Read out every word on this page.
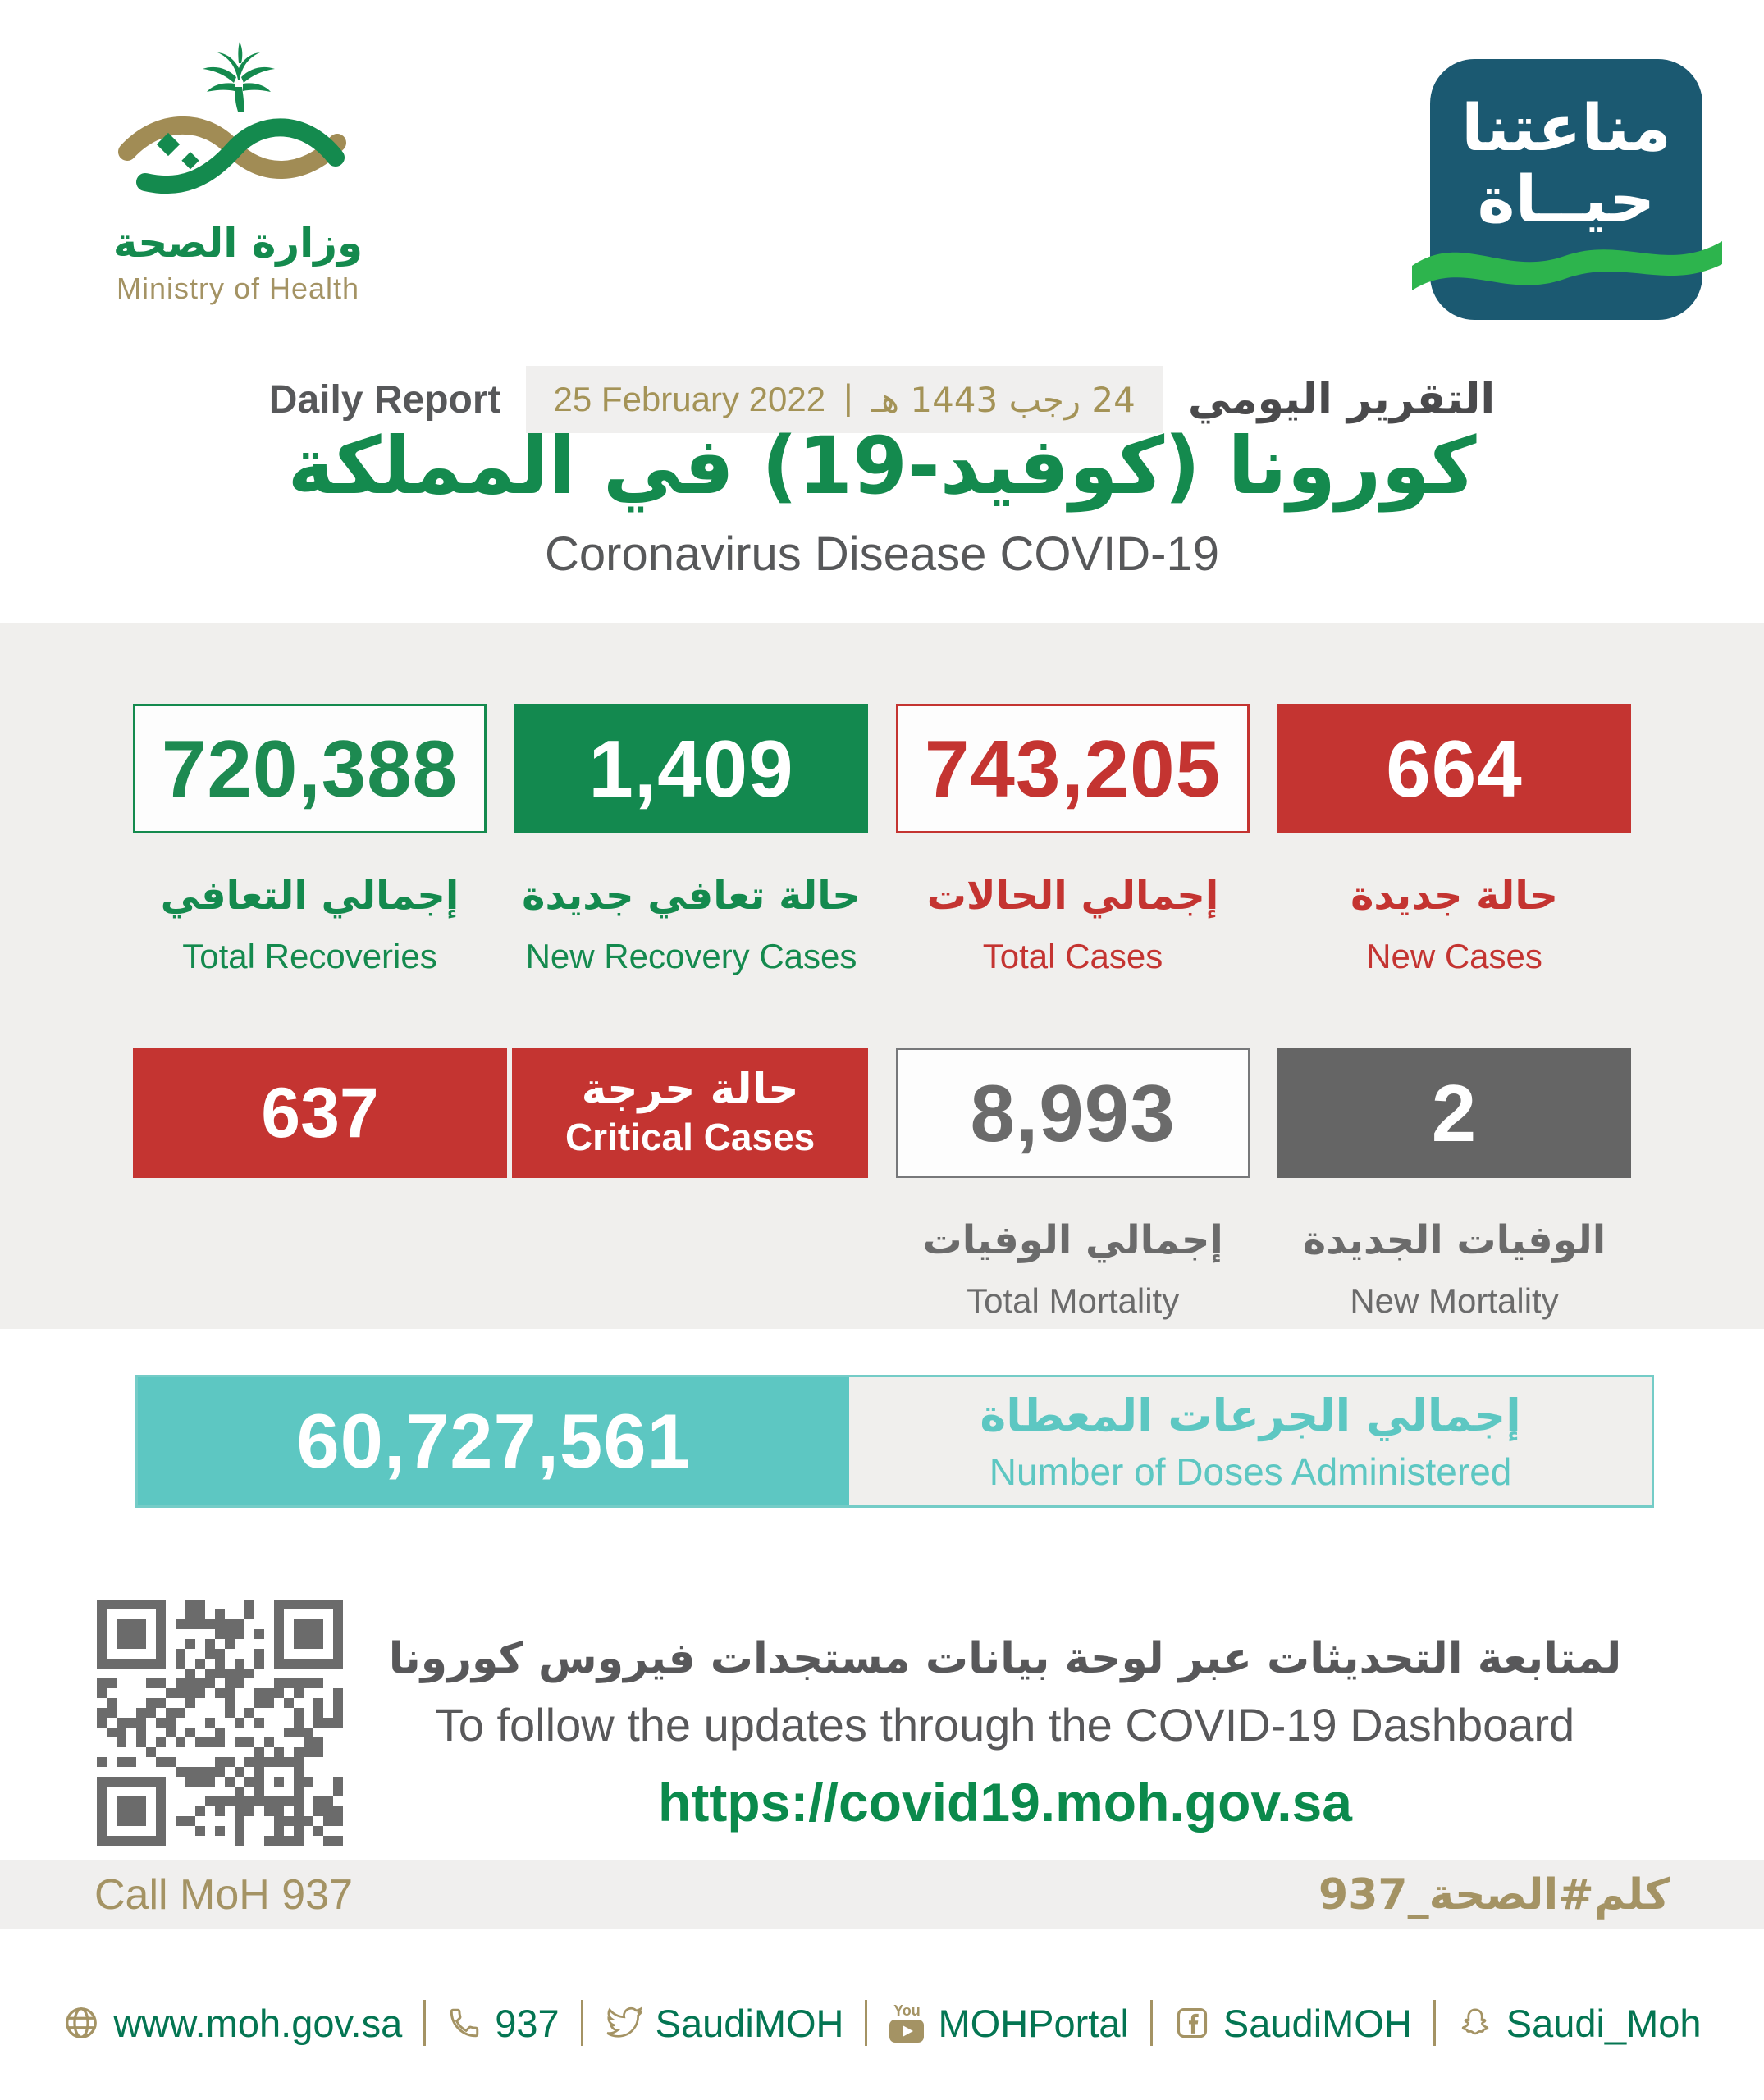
وزارة الصحة
Ministry of Health
مناعتنا
حيــاة
Daily Report 25 February 2022 | 24 رجب 1443 هـ التقرير اليومي
كورونا (كوفيد-19) في المملكة
Coronavirus Disease COVID-19
720,388
إجمالي التعافي
Total Recoveries
1,409
حالة تعافي جديدة
New Recovery Cases
743,205
إجمالي الحالات
Total Cases
664
حالة جديدة
New Cases
637	حالة حرجة
Critical Cases 8,993
إجمالي الوفيات
Total Mortality
2
الوفيات الجديدة
New Mortality
60,727,561	إجمالي الجرعات المعطاة
Number of Doses Administered
لمتابعة التحديثات عبر لوحة بيانات مستجدات فيروس كورونا
To follow the updates through the COVID-19 Dashboard
https://covid19.moh.gov.sa
Call MoH 937	كلم#الصحة_937
www.moh.gov.sa 937 SaudiMOH	You MOHPortal SaudiMOH Saudi_Moh
